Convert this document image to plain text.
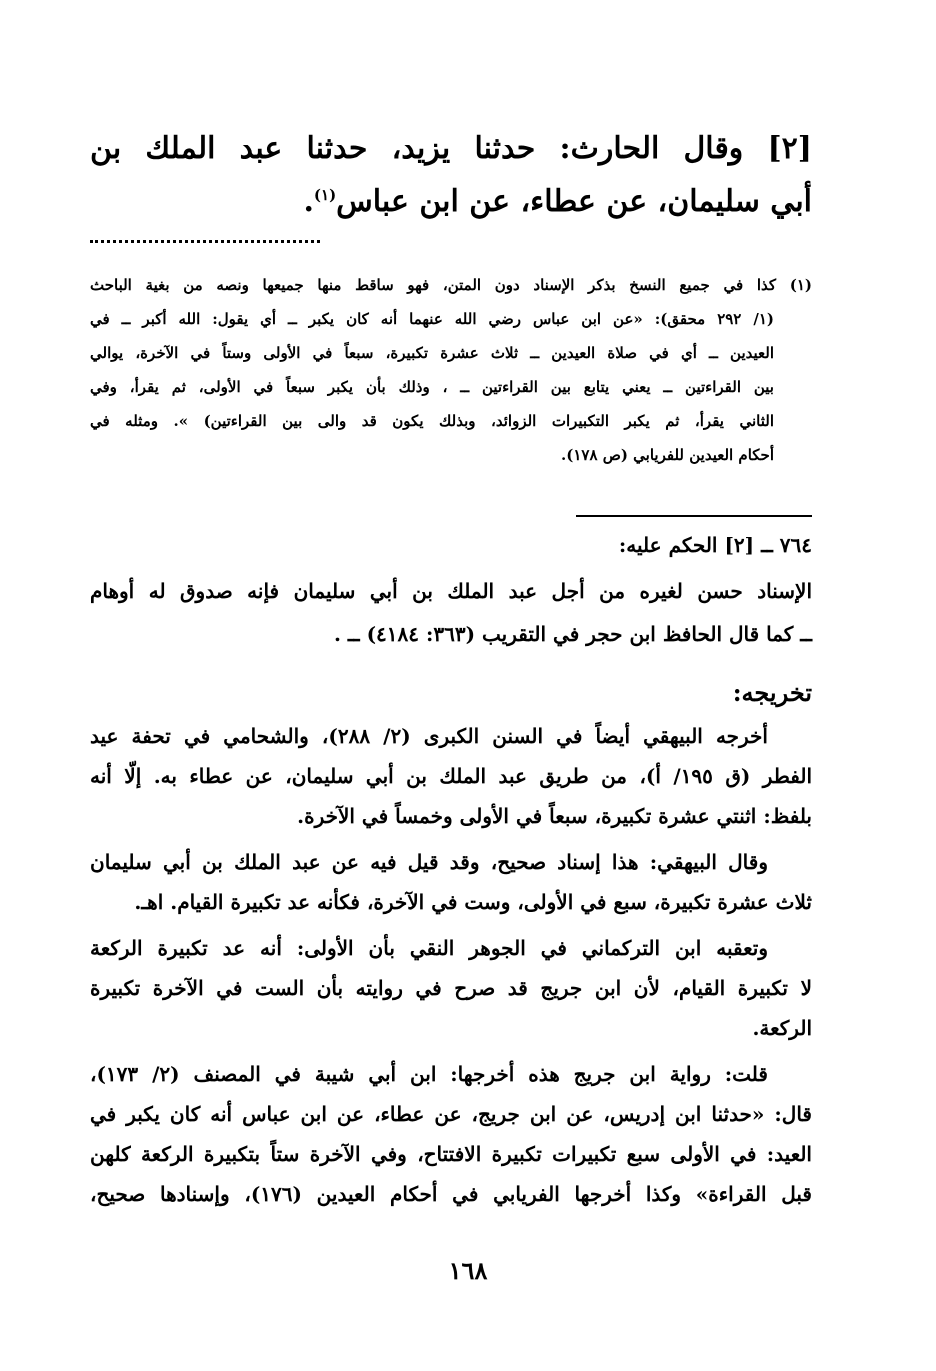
[٢] وقال الحارث: حدثنا يزيد، حدثنا عبد الملك بن
أبي سليمان، عن عطاء، عن ابن عباس$^{(١)}$.
(١) كذا في جميع النسخ بذكر الإسناد دون المتن، فهو ساقط منها جميعها ونصه من بغية الباحث
(١/ ٢٩٢ محقق): «عن ابن عباس رضي الله عنهما أنه كان يكبر ــ أي يقول: الله أكبر ــ في
العيدين ــ أي في صلاة العيدين ــ ثلاث عشرة تكبيرة، سبعاً في الأولى وستاً في الآخرة، يوالي
بين القراءتين ــ يعني يتابع بين القراءتين ــ ، وذلك بأن يكبر سبعاً في الأولى، ثم يقرأ، وفي
الثاني يقرأ، ثم يكبر التكبيرات الزوائد، وبذلك يكون قد والى بين القراءتين) ». ومثله في
أحكام العيدين للفريابي (ص ١٧٨).
٧٦٤ ــ [٢] الحكم عليه:
الإسناد حسن لغيره من أجل عبد الملك بن أبي سليمان فإنه صدوق له أوهام
ــ كما قال الحافظ ابن حجر في التقريب (٣٦٣: ٤١٨٤) ــ .
تخريجه:

أخرجه البيهقي أيضاً في السنن الكبرى (٢/ ٢٨٨)، والشحامي في تحفة عيد
الفطر (ق ١٩٥/ أ)، من طريق عبد الملك بن أبي سليمان، عن عطاء به. إلّا أنه
بلفظ: اثنتي عشرة تكبيرة، سبعاً في الأولى وخمساً في الآخرة.

وقال البيهقي: هذا إسناد صحيح، وقد قيل فيه عن عبد الملك بن أبي سليمان
ثلاث عشرة تكبيرة، سبع في الأولى، وست في الآخرة، فكأنه عد تكبيرة القيام. اهـ.

وتعقبه ابن التركماني في الجوهر النقي بأن الأولى: أنه عد تكبيرة الركعة
لا تكبيرة القيام، لأن ابن جريج قد صرح في روايته بأن الست في الآخرة تكبيرة
الركعة.

قلت: رواية ابن جريج هذه أخرجها: ابن أبي شيبة في المصنف (٢/ ١٧٣)،
قال: «حدثنا ابن إدريس، عن ابن جريج، عن عطاء، عن ابن عباس أنه كان يكبر في
العيد: في الأولى سبع تكبيرات تكبيرة الافتتاح، وفي الآخرة ستاً بتكبيرة الركعة كلهن
قبل القراءة» وكذا أخرجها الفريابي في أحكام العيدين (١٧٦)، وإسنادها صحيح،

١٦٨
